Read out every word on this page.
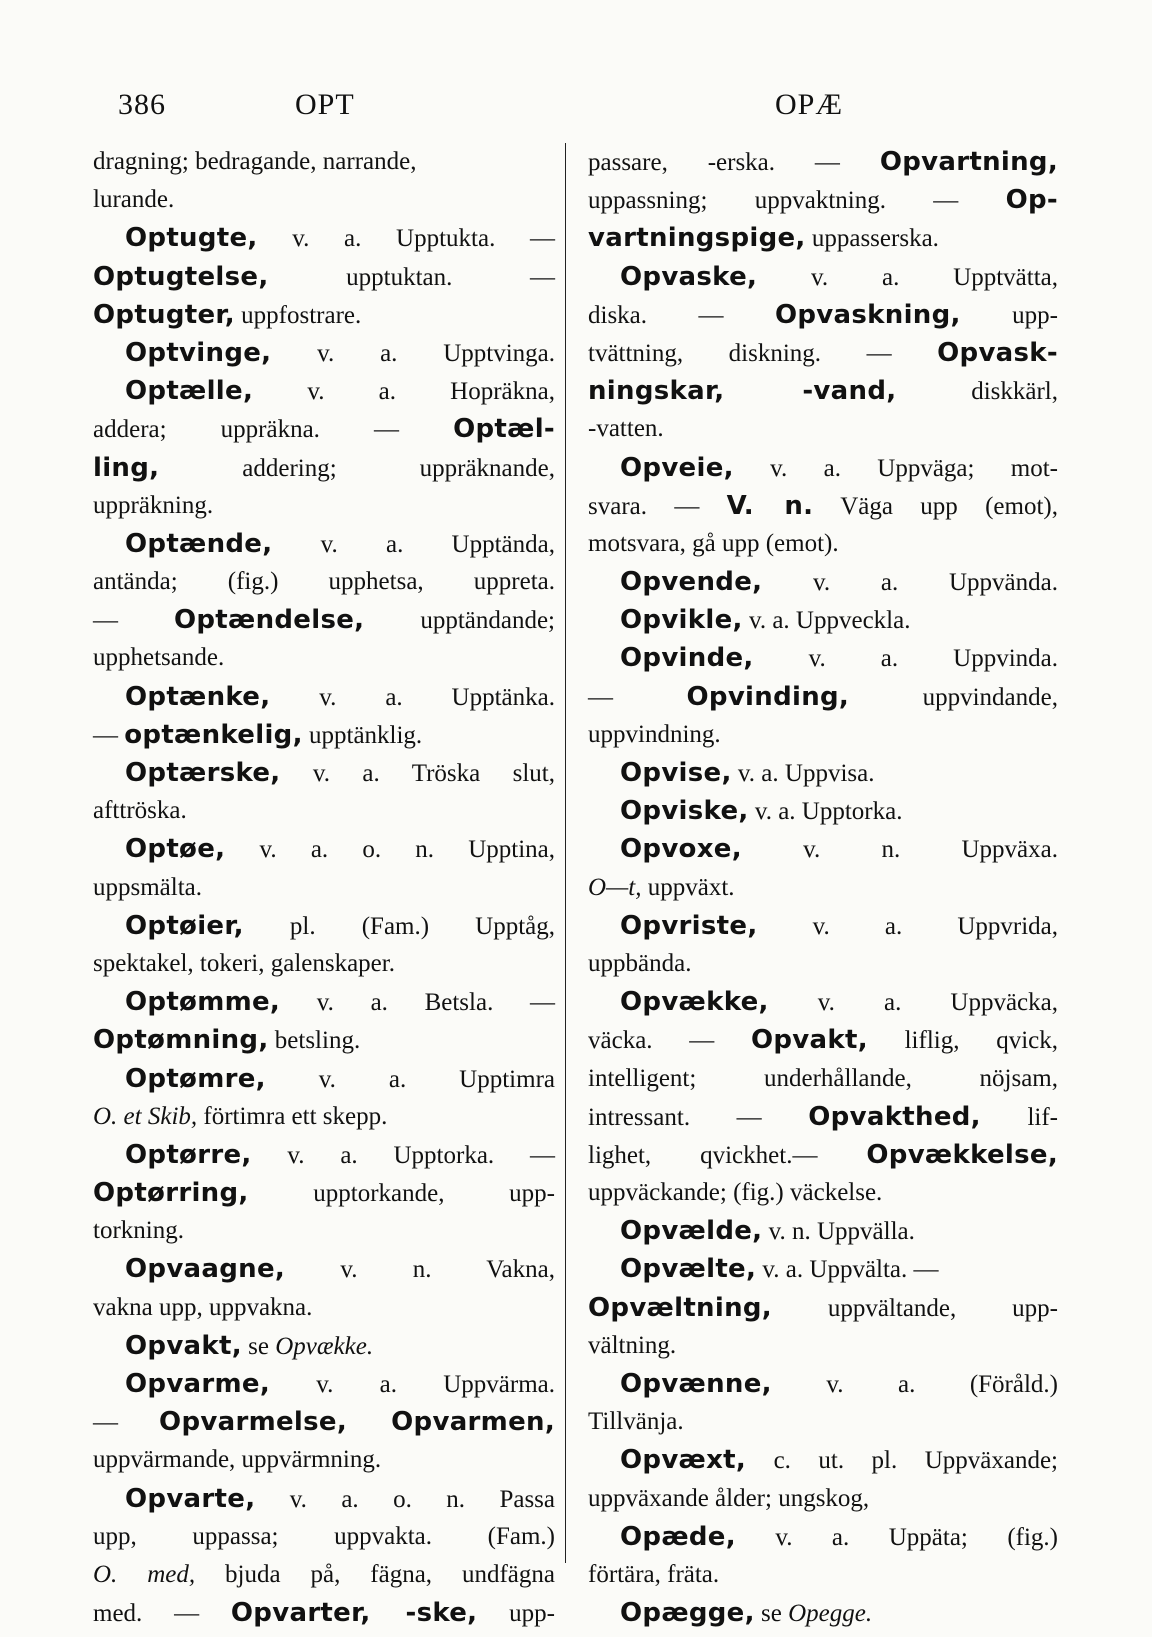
386	OPT	OPÆ
dragning; bedragande, narrande,
lurande.
Optugte, v. a. Upptukta. —
Optugtelse, upptuktan. —
Optugter, uppfostrare.
Optvinge, v. a. Upptvinga.
Optælle, v. a. Hopräkna,
addera; uppräkna. — Optæl-
ling, addering; uppräknande,
uppräkning.
Optænde, v. a. Upptända,
antända; (fig.) upphetsa, uppreta.
— Optændelse, upptändande;
upphetsande.
Optænke, v. a. Upptänka.
— optænkelig, upptänklig.
Optærske, v. a. Tröska slut,
afttröska.
Optøe, v. a. o. n. Upptina,
uppsmälta.
Optøier, pl. (Fam.) Upptåg,
spektakel, tokeri, galenskaper.
Optømme, v. a. Betsla. —
Optømning, betsling.
Optømre, v. a. Upptimra
O. et Skib, förtimra ett skepp.
Optørre, v. a. Upptorka. —
Optørring, upptorkande, upp-
torkning.
Opvaagne, v. n. Vakna,
vakna upp, uppvakna.
Opvakt, se Opvække.
Opvarme, v. a. Uppvärma.
— Opvarmelse, Opvarmen,
uppvärmande, uppvärmning.
Opvarte, v. a. o. n. Passa
upp, uppassa; uppvakta. (Fam.)
O. med, bjuda på, fägna, undfägna
med. — Opvarter, -ske, upp-
passare, -erska. — Opvartning,
uppassning; uppvaktning. — Op-
vartningspige, uppasserska.
Opvaske, v. a. Upptvätta,
diska. — Opvaskning, upp-
tvättning, diskning. — Opvask-
ningskar, -vand, diskkärl,
-vatten.
Opveie, v. a. Uppväga; mot-
svara. — V. n. Väga upp (emot),
motsvara, gå upp (emot).
Opvende, v. a. Uppvända.
Opvikle, v. a. Uppveckla.
Opvinde, v. a. Uppvinda.
— Opvinding, uppvindande,
uppvindning.
Opvise, v. a. Uppvisa.
Opviske, v. a. Upptorka.
Opvoxe, v. n. Uppväxa.
O—t, uppväxt.
Opvriste, v. a. Uppvrida,
uppbända.
Opvække, v. a. Uppväcka,
väcka. — Opvakt, liflig, qvick,
intelligent; underhållande, nöjsam,
intressant. — Opvakthed, lif-
lighet, qvickhet.— Opvækkelse,
uppväckande; (fig.) väckelse.
Opvælde, v. n. Uppvälla.
Opvælte, v. a. Uppvälta. —
Opvæltning, uppvältande, upp-
vältning.
Opvænne, v. a. (Föråld.)
Tillvänja.
Opvæxt, c. ut. pl. Uppväxande;
uppväxande ålder; ungskog,
Opæde, v. a. Uppäta; (fig.)
förtära, fräta.
Opægge, se Opegge.
